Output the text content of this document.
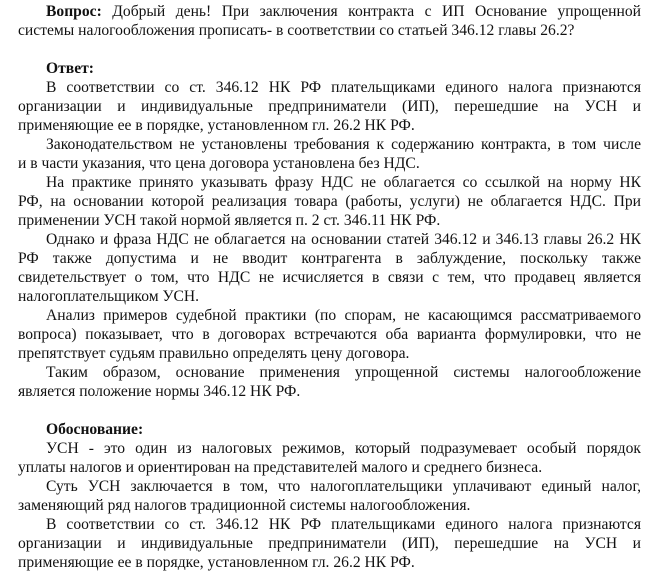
Вопрос: Добрый день! При заключения контракта с ИП Основание упрощенной
системы налогообложения прописать- в соответствии со статьей 346.12 главы 26.2?
Ответ:
В соответствии со ст. 346.12 НК РФ плательщиками единого налога признаются
организации и индивидуальные предприниматели (ИП), перешедшие на УСН и
применяющие ее в порядке, установленном гл. 26.2 НК РФ.
Законодательством не установлены требования к содержанию контракта, в том числе
и в части указания, что цена договора установлена без НДС.
На практике принято указывать фразу НДС не облагается со ссылкой на норму НК
РФ, на основании которой реализация товара (работы, услуги) не облагается НДС. При
применении УСН такой нормой является п. 2 ст. 346.11 НК РФ.
Однако и фраза НДС не облагается на основании статей 346.12 и 346.13 главы 26.2 НК
РФ также допустима и не вводит контрагента в заблуждение, поскольку также
свидетельствует о том, что НДС не исчисляется в связи с тем, что продавец является
налогоплательщиком УСН.
Анализ примеров судебной практики (по спорам, не касающимся рассматриваемого
вопроса) показывает, что в договорах встречаются оба варианта формулировки, что не
препятствует судьям правильно определять цену договора.
Таким образом, основание применения упрощенной системы налогообложение
является положение нормы 346.12 НК РФ.
Обоснование:
УСН - это один из налоговых режимов, который подразумевает особый порядок
уплаты налогов и ориентирован на представителей малого и среднего бизнеса.
Суть УСН заключается в том, что налогоплательщики уплачивают единый налог,
заменяющий ряд налогов традиционной системы налогообложения.
В соответствии со ст. 346.12 НК РФ плательщиками единого налога признаются
организации и индивидуальные предприниматели (ИП), перешедшие на УСН и
применяющие ее в порядке, установленном гл. 26.2 НК РФ.
